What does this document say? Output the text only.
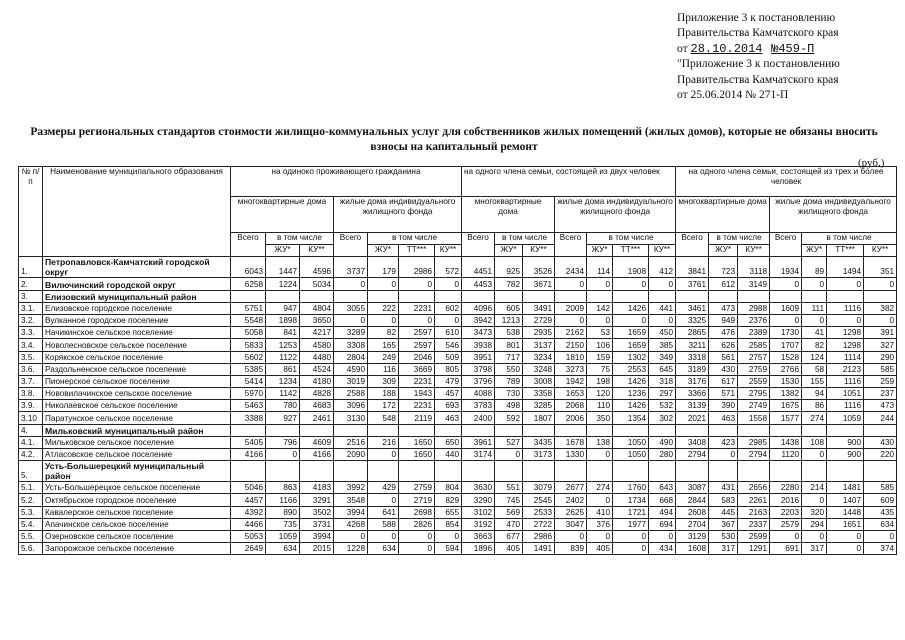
Приложение 3 к постановлению
Правительства Камчатского края
от 28.10.2014 №459-П
"Приложение 3 к постановлению
Правительства Камчатского края
от 25.06.2014 № 271-П
Размеры региональных стандартов стоимости жилищно-коммунальных услуг для собственников жилых помещений (жилых домов), которые не обязаны вносить взносы на капитальный ремонт
(руб.)
№ п/п	Наименование муниципального образования	на одиноко проживающего гражданина							на одного члена семьи, состоящей из двух человек							на одного члена семьи, состоящей из трех и более человек						
		многоквартирные дома			жилые дома индивидуального жилищного фонда				многоквартирные дома			жилые дома индивидуального жилищного фонда				многоквартирные дома			жилые дома индивидуального жилищного фонда			
		Всего	в том числе		Всего	в том числе			Всего	в том числе		Всего	в том числе			Всего	в том числе		Всего	в том числе		
			ЖУ*	КУ**		ЖУ*	ТТ***	КУ**		ЖУ*	КУ**		ЖУ*	ТТ***	КУ**		ЖУ*	КУ**		ЖУ*	ТТ***	КУ**
1.	Петропавловск-Камчатский городской округ	6043	1447	4596	3737	179	2986	572	4451	925	3526	2434	114	1908	412	3841	723	3118	1934	89	1494	351
2.	Вилючинский городской округ	6258	1224	5034	0	0	0	0	4453	782	3671	0	0	0	0	3761	612	3149	0	0	0	0
3.	Елизовский муниципальный район																					
3.1.	Елизовское городское поселение	5751	947	4804	3055	222	2231	602	4096	605	3491	2009	142	1426	441	3461	473	2988	1609	111	1116	382
3.2.	Вулканное городское поселение	5548	1898	3650	0	0	0	0	3942	1213	2729	0	0	0	0	3325	949	2376	0	0	0	0
3.3.	Начикинское сельское поселение	5058	841	4217	3289	82	2597	610	3473	538	2935	2162	53	1659	450	2865	476	2389	1730	41	1298	391
3.4.	Новолесновское сельское поселение	5833	1253	4580	3308	165	2597	546	3938	801	3137	2150	106	1659	385	3211	626	2585	1707	82	1298	327
3.5.	Корякское сельское поселение	5602	1122	4480	2804	249	2046	509	3951	717	3234	1810	159	1302	349	3318	561	2757	1528	124	1114	290
3.6.	Раздольненское сельское поселение	5385	861	4524	4590	116	3669	805	3798	550	3248	3273	75	2553	645	3189	430	2759	2766	58	2123	585
3.7.	Пионерское сельское поселение	5414	1234	4180	3019	309	2231	479	3796	789	3008	1942	198	1426	318	3176	617	2559	1530	155	1116	259
3.8.	Нововилачинское сельское поселение	5970	1142	4828	2588	188	1943	457	4088	730	3358	1653	120	1236	297	3366	571	2795	1382	94	1051	237
3.9.	Николаевское сельское поселение	5463	780	4683	3096	172	2231	693	3783	498	3285	2068	110	1426	532	3139	390	2749	1675	86	1116	473
3.10	Паратунское сельское поселение	3388	927	2461	3130	548	2119	463	2400	592	1807	2006	350	1354	302	2021	463	1558	1577	274	1059	244
4.	Мильковский муниципальный район																					
4.1.	Мильковское сельское поселение	5405	796	4609	2516	216	1650	650	3961	527	3435	1678	138	1050	490	3408	423	2985	1438	108	900	430
4.2.	Атласовское сельское поселение	4166	0	4166	2090	0	1650	440	3174	0	3173	1330	0	1050	280	2794	0	2794	1120	0	900	220
5.	Усть-Большерецкий муниципальный район																					
5.1.	Усть-Большерецкое сельское поселение	5046	863	4183	3992	429	2759	804	3630	551	3079	2677	274	1760	643	3087	431	2656	2280	214	1481	585
5.2.	Октябрьское городское поселение	4457	1166	3291	3548	0	2719	829	3290	745	2545	2402	0	1734	668	2844	583	2261	2016	0	1407	609
5.3.	Кавалерское сельское поселение	4392	890	3502	3994	641	2698	655	3102	569	2533	2625	410	1721	494	2608	445	2163	2203	320	1448	435
5.4.	Апачинское сельское поселение	4466	735	3731	4268	588	2826	854	3192	470	2722	3047	376	1977	694	2704	367	2337	2579	294	1651	634
5.5.	Озерновское сельское поселение	5053	1059	3994	0	0	0	0	3663	677	2986	0	0	0	0	3129	530	2599	0	0	0	0
5.6.	Запорожское сельское поселение	2649	634	2015	1228	634	0	594	1896	405	1491	839	405	0	434	1608	317	1291	691	317	0	374
